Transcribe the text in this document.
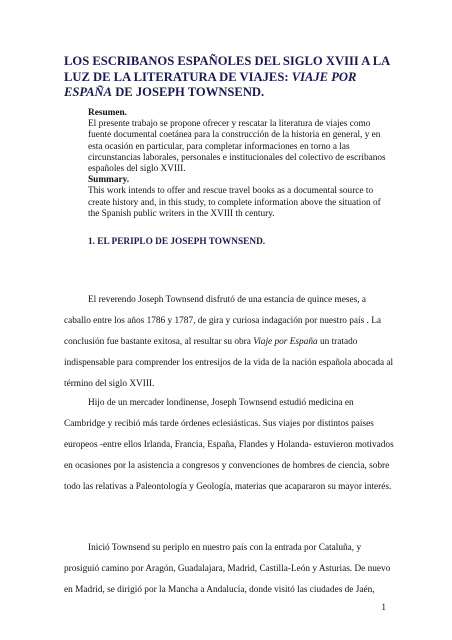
LOS ESCRIBANOS ESPAÑOLES DEL SIGLO XVIII A LA LUZ DE LA LITERATURA DE VIAJES: VIAJE POR ESPAÑA DE JOSEPH TOWNSEND.
Resumen.
El presente trabajo se propone ofrecer y rescatar la literatura de viajes como fuente documental coetánea para la construcción de la historia en general, y en esta ocasión en particular, para completar informaciones en torno a las circunstancias laborales, personales e institucionales del colectivo de escribanos españoles del siglo XVIII.
Summary.
This work intends to offer and rescue travel books as a documental source to create history and, in this study, to complete information above the situation of the Spanish public writers in the XVIII th century.
1. EL PERIPLO DE JOSEPH TOWNSEND.
El reverendo Joseph Townsend disfrutó de una estancia de quince meses, a caballo entre los años 1786 y 1787, de gira y curiosa indagación por nuestro país . La conclusión fue bastante exitosa, al resultar su obra Viaje por España un tratado indispensable para comprender los entresijos de la vida de la nación española abocada al término del siglo XVIII.
Hijo de un mercader londinense, Joseph Townsend estudió medicina en Cambridge y recibió más tarde órdenes eclesiásticas. Sus viajes por distintos países europeos -entre ellos Irlanda, Francia, España, Flandes y Holanda- estuvieron motivados en ocasiones por la asistencia a congresos y convenciones de hombres de ciencia, sobre todo las relativas a Paleontología y Geología, materias que acapararon su mayor interés.
Inició Townsend su periplo en nuestro país con la entrada por Cataluña, y prosiguió camino por Aragón, Guadalajara, Madrid, Castilla-León y Asturias. De nuevo en Madrid, se dirigió por la Mancha a Andalucía, donde visitó las ciudades de Jaén,
1
